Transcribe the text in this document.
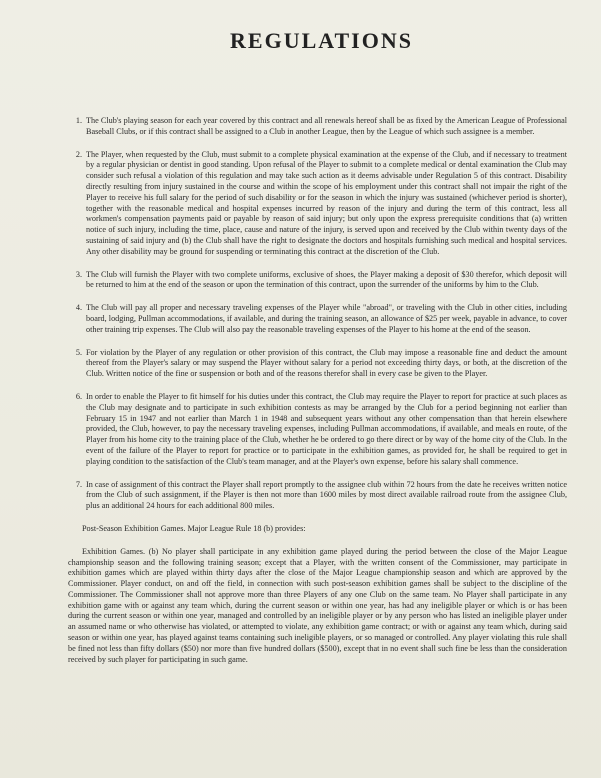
REGULATIONS
1. The Club's playing season for each year covered by this contract and all renewals hereof shall be as fixed by the American League of Professional Baseball Clubs, or if this contract shall be assigned to a Club in another League, then by the League of which such assignee is a member.
2. The Player, when requested by the Club, must submit to a complete physical examination at the expense of the Club, and if necessary to treatment by a regular physician or dentist in good standing. Upon refusal of the Player to submit to a complete medical or dental examination the Club may consider such refusal a violation of this regulation and may take such action as it deems advisable under Regulation 5 of this contract. Disability directly resulting from injury sustained in the course and within the scope of his employment under this contract shall not impair the right of the Player to receive his full salary for the period of such disability or for the season in which the injury was sustained (whichever period is shorter), together with the reasonable medical and hospital expenses incurred by reason of the injury and during the term of this contract, less all workmen's compensation payments paid or payable by reason of said injury; but only upon the express prerequisite conditions that (a) written notice of such injury, including the time, place, cause and nature of the injury, is served upon and received by the Club within twenty days of the sustaining of said injury and (b) the Club shall have the right to designate the doctors and hospitals furnishing such medical and hospital services. Any other disability may be ground for suspending or terminating this contract at the discretion of the Club.
3. The Club will furnish the Player with two complete uniforms, exclusive of shoes, the Player making a deposit of $30 therefor, which deposit will be returned to him at the end of the season or upon the termination of this contract, upon the surrender of the uniforms by him to the Club.
4. The Club will pay all proper and necessary traveling expenses of the Player while "abroad", or traveling with the Club in other cities, including board, lodging, Pullman accommodations, if available, and during the training season, an allowance of $25 per week, payable in advance, to cover other training trip expenses. The Club will also pay the reasonable traveling expenses of the Player to his home at the end of the season.
5. For violation by the Player of any regulation or other provision of this contract, the Club may impose a reasonable fine and deduct the amount thereof from the Player's salary or may suspend the Player without salary for a period not exceeding thirty days, or both, at the discretion of the Club. Written notice of the fine or suspension or both and of the reasons therefor shall in every case be given to the Player.
6. In order to enable the Player to fit himself for his duties under this contract, the Club may require the Player to report for practice at such places as the Club may designate and to participate in such exhibition contests as may be arranged by the Club for a period beginning not earlier than February 15 in 1947 and not earlier than March 1 in 1948 and subsequent years without any other compensation than that herein elsewhere provided, the Club, however, to pay the necessary traveling expenses, including Pullman accommodations, if available, and meals en route, of the Player from his home city to the training place of the Club, whether he be ordered to go there direct or by way of the home city of the Club. In the event of the failure of the Player to report for practice or to participate in the exhibition games, as provided for, he shall be required to get in playing condition to the satisfaction of the Club's team manager, and at the Player's own expense, before his salary shall commence.
7. In case of assignment of this contract the Player shall report promptly to the assignee club within 72 hours from the date he receives written notice from the Club of such assignment, if the Player is then not more than 1600 miles by most direct available railroad route from the assignee Club, plus an additional 24 hours for each additional 800 miles.
Post-Season Exhibition Games. Major League Rule 18 (b) provides:
Exhibition Games. (b) No player shall participate in any exhibition game played during the period between the close of the Major League championship season and the following training season; except that a Player, with the written consent of the Commissioner, may participate in exhibition games which are played within thirty days after the close of the Major League championship season and which are approved by the Commissioner. Player conduct, on and off the field, in connection with such post-season exhibition games shall be subject to the discipline of the Commissioner. The Commissioner shall not approve more than three Players of any one Club on the same team. No Player shall participate in any exhibition game with or against any team which, during the current season or within one year, has had any ineligible player or which is or has been during the current season or within one year, managed and controlled by an ineligible player or by any person who has listed an ineligible player under an assumed name or who otherwise has violated, or attempted to violate, any exhibition game contract; or with or against any team which, during said season or within one year, has played against teams containing such ineligible players, or so managed or controlled. Any player violating this rule shall be fined not less than fifty dollars ($50) nor more than five hundred dollars ($500), except that in no event shall such fine be less than the consideration received by such player for participating in such game.
